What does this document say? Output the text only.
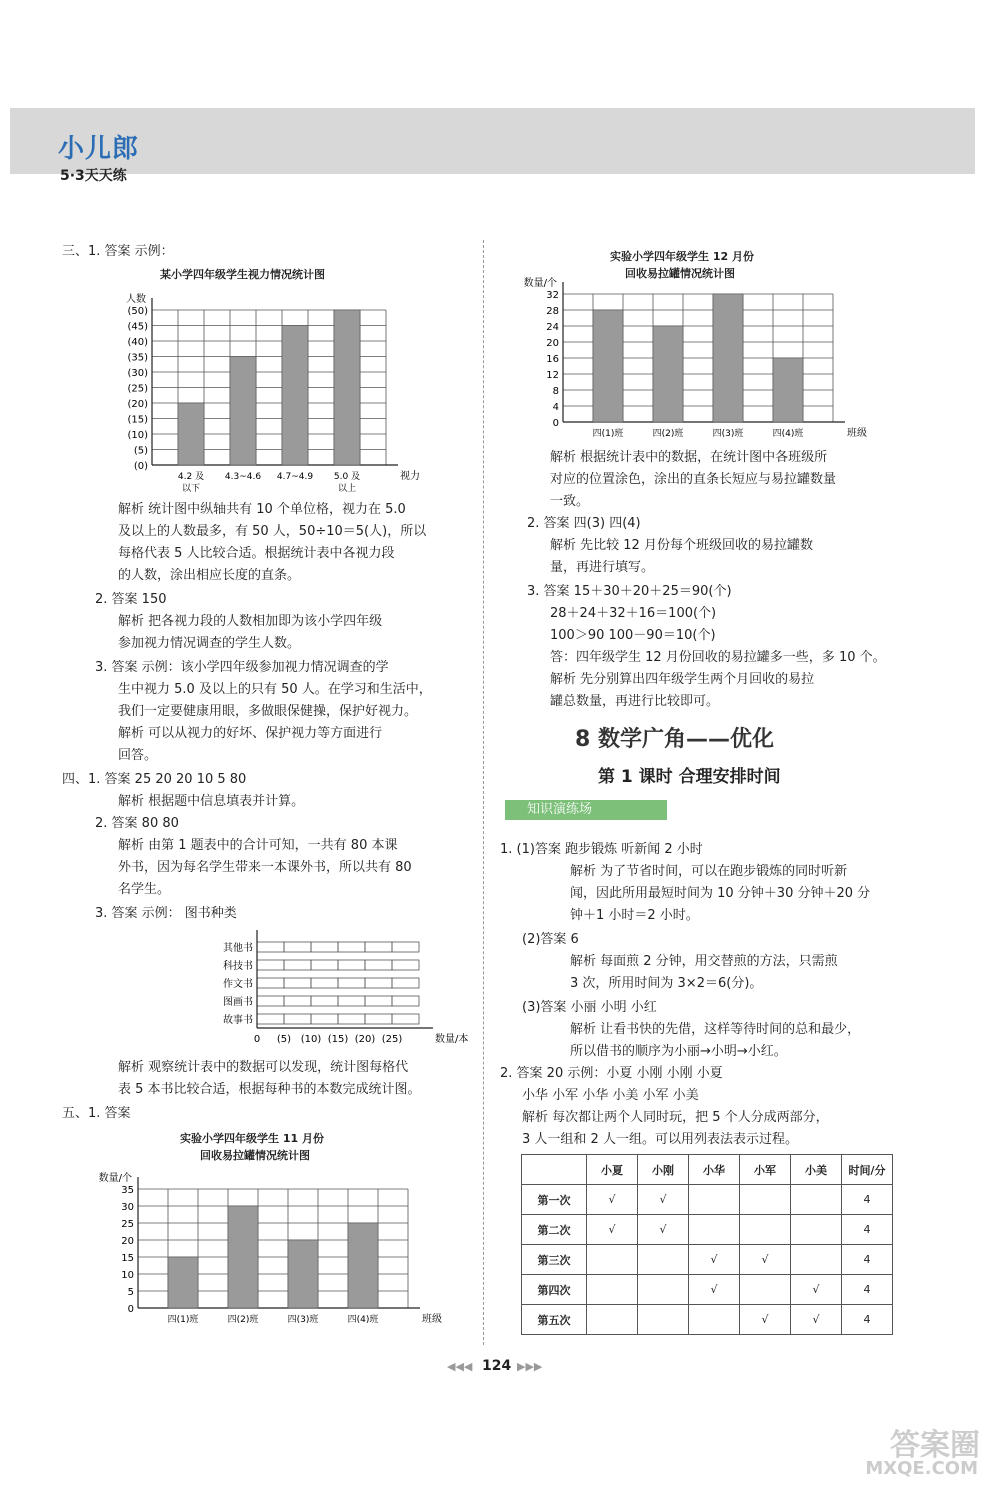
小儿郎
5·3天天练
三、1. 答案 示例：
某小学四年级学生视力情况统计图
(50)
(45)
(40)
(35)
(30)
(25)
(20)
(15)
(10)
(5)
(0)
4.2 及
以下
4.3~4.6 4.7~4.9 5.0 及
以上
人数
视力
解析 统计图中纵轴共有 10 个单位格，视力在 5.0
及以上的人数最多，有 50 人，50÷10＝5(人)，所以
每格代表 5 人比较合适。根据统计表中各视力段
的人数，涂出相应长度的直条。
2. 答案 150
解析 把各视力段的人数相加即为该小学四年级
参加视力情况调查的学生人数。
3. 答案 示例：该小学四年级参加视力情况调查的学
生中视力 5.0 及以上的只有 50 人。在学习和生活中，
我们一定要健康用眼，多做眼保健操，保护好视力。
解析 可以从视力的好坏、保护视力等方面进行
回答。
四、1. 答案 25 20 20 10 5 80
解析 根据题中信息填表并计算。
2. 答案 80 80
解析 由第 1 题表中的合计可知，一共有 80 本课
外书，因为每名学生带来一本课外书，所以共有 80
名学生。
3. 答案 示例： 图书种类
其他书
科技书
作文书
图画书
故事书
0 (5) (10) (15) (20) (25)	数量/本
解析 观察统计表中的数据可以发现，统计图每格代
表 5 本书比较合适，根据每种书的本数完成统计图。
五、1. 答案
实验小学四年级学生 11 月份
回收易拉罐情况统计图
35
30
25
20
15
10
5
0
四(1)班	四(2)班	四(3)班	四(4)班
数量/个
班级
实验小学四年级学生 12 月份
回收易拉罐情况统计图
32
28
24
20
16
12
8
4
0
四(1)班	四(2)班	四(3)班	四(4)班
数量/个
班级
解析 根据统计表中的数据，在统计图中各班级所
对应的位置涂色，涂出的直条长短应与易拉罐数量
一致。
2. 答案 四(3) 四(4)
解析 先比较 12 月份每个班级回收的易拉罐数
量，再进行填写。
3. 答案 15＋30＋20＋25＝90(个)
28＋24＋32＋16＝100(个)
100＞90 100－90＝10(个)
答：四年级学生 12 月份回收的易拉罐多一些，多 10 个。
解析 先分别算出四年级学生两个月回收的易拉
罐总数量，再进行比较即可。
8 数学广角——优化
第 1 课时 合理安排时间
知识演练场
1. (1)答案 跑步锻炼 听新闻 2 小时
解析 为了节省时间，可以在跑步锻炼的同时听新
闻，因此所用最短时间为 10 分钟＋30 分钟＋20 分
钟＋1 小时＝2 小时。
(2)答案 6
解析 每面煎 2 分钟，用交替煎的方法，只需煎
3 次，所用时间为 3×2＝6(分)。
(3)答案 小丽 小明 小红
解析 让看书快的先借，这样等待时间的总和最少，
所以借书的顺序为小丽→小明→小红。
2. 答案 20 示例：小夏 小刚 小刚 小夏
小华 小军 小华 小美 小军 小美
解析 每次都让两个人同时玩，把 5 个人分成两部分，
3 人一组和 2 人一组。可以用列表法表示过程。
	小夏	小刚	小华	小军	小美	时间/分
第一次	√	√				4
第二次	√	√				4
第三次			√	√		4
第四次			√		√	4
第五次				√	√	4
◀◀◀ 124 ▶▶▶
答案圈
MXQE.COM
